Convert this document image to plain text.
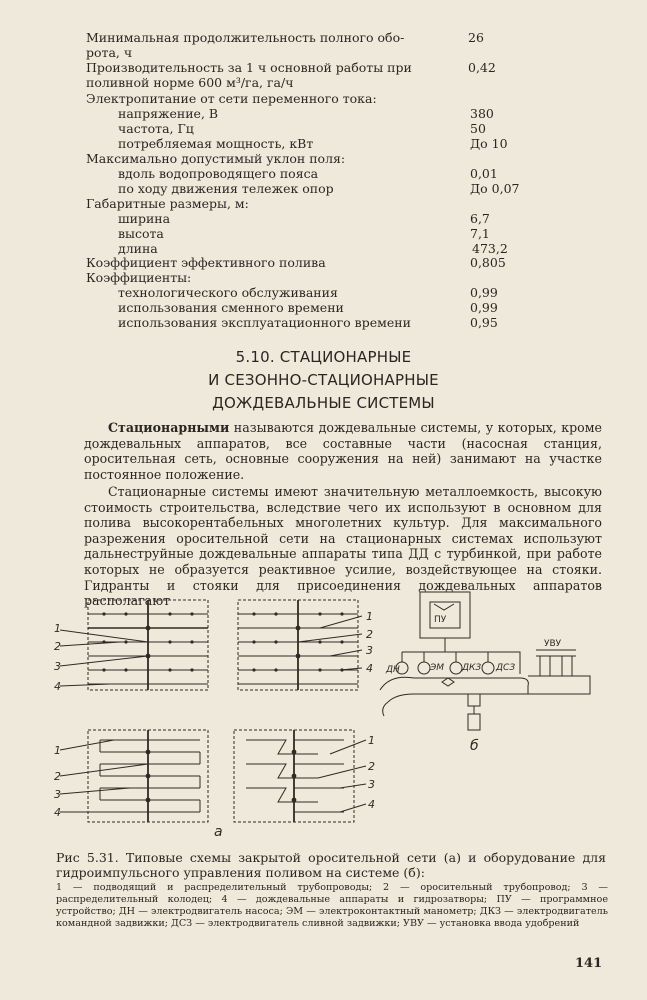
Минимальная продолжительность полного обо-	26
рота, ч
Производительность за 1 ч основной работы при	0,42
поливной норме 600 м³/га, га/ч
Электропитание от сети переменного тока:
напряжение, В	380
частота, Гц	50
потребляемая мощность, кВт	До 10
Максимально допустимый уклон поля:
вдоль водопроводящего пояса	0,01
по ходу движения тележек опор	До 0,07
Габаритные размеры, м:
ширина	6,7
высота	7,1
длина	473,2
Коэффициент эффективного полива	0,805
Коэффициенты:
технологического обслуживания	0,99
использования сменного времени	0,99
использования эксплуатационного времени	0,95
5.10. СТАЦИОНАРНЫЕ
И СЕЗОННО-СТАЦИОНАРНЫЕ
ДОЖДЕВАЛЬНЫЕ СИСТЕМЫ
Стационарными называются дождевальные системы, у которых, кроме дождевальных аппаратов, все составные части (насосная станция, оросительная сеть, основные сооружения на ней) занимают на участке постоянное положение.
Стационарные системы имеют значительную металлоемкость, высокую стоимость строительства, вследствие чего их используют в основном для полива высокорентабельных многолетних культур. Для максимального разрежения оросительной сети на стационарных системах используют дальнеструйные дождевальные аппараты типа ДД с турбинкой, при работе которых не образуется реактивное усилие, воздействующее на стояки. Гидранты и стояки для присоединения дождевальных аппаратов располагают
1
2
3
4
1
2
3
4
1
2
3
4
1
2
3
4
ПУ
ДН	ЭМ ДКЗ ДСЗ
УВУ
а
б
Рис 5.31. Типовые схемы закрытой оросительной сети (а) и оборудование для гидроимпульсного управления поливом на системе (б):
1 — подводящий и распределительный трубопроводы; 2 — оросительный трубопровод; 3 — распределительный колодец; 4 — дождевальные аппараты и гидрозатворы; ПУ — программное устройство; ДН — электродвигатель насоса; ЭМ — электроконтактный манометр; ДКЗ — электродвигатель командной задвижки; ДСЗ — электродвигатель сливной задвижки; УВУ — установка ввода удобрений
141
